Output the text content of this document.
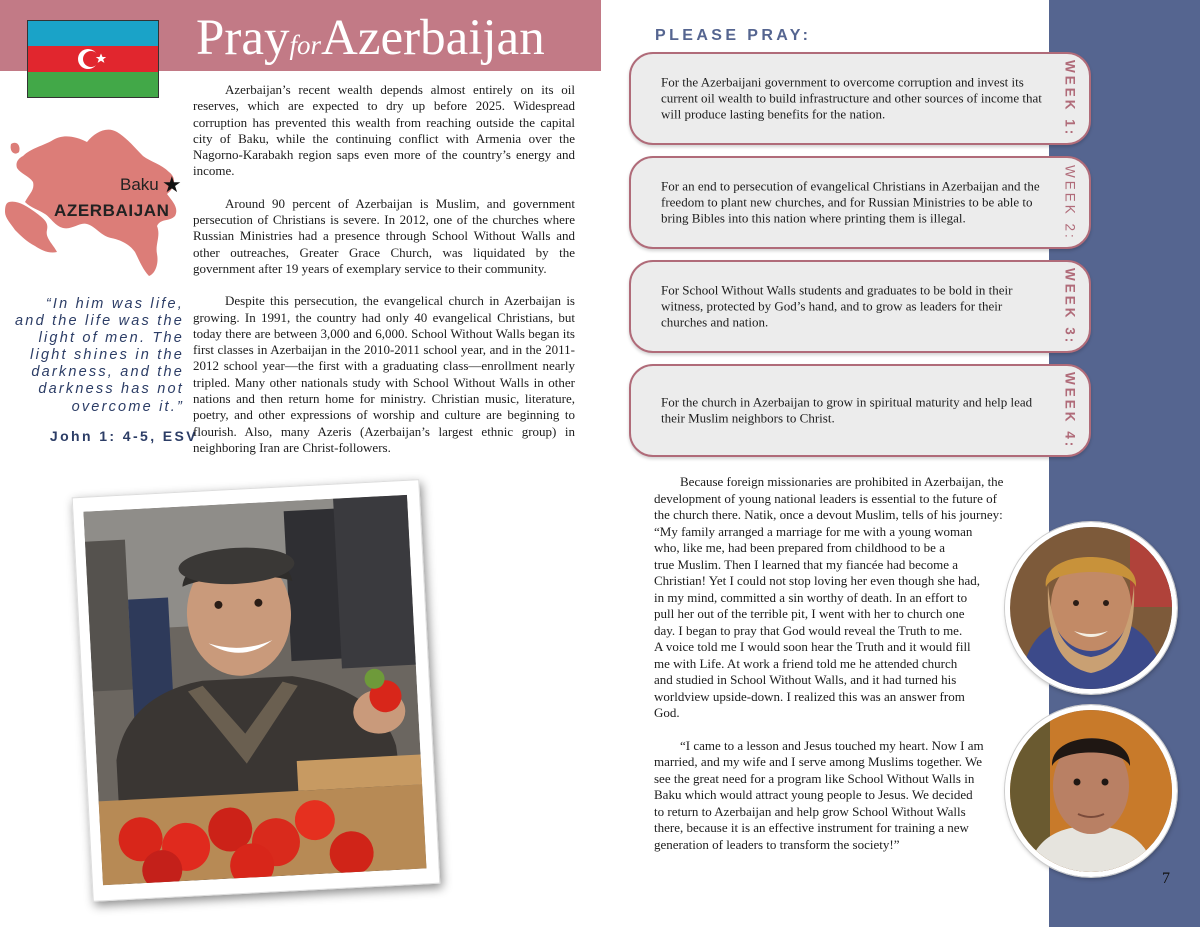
PrayforAzerbaijan
Baku ★
AZERBAIJAN
“In him was life, and the life was the light of men. The light shines in the darkness, and the darkness has not overcome it.”
John 1: 4-5, ESV

Azerbaijan’s recent wealth depends almost entirely on its oil reserves, which are expected to dry up before 2025. Widespread corruption has prevented this wealth from reaching outside the capital city of Baku, while the continuing conflict with Armenia over the Nagorno-Karabakh region saps even more of the country’s energy and income.

Around 90 percent of Azerbaijan is Muslim, and government persecution of Christians is severe. In 2012, one of the churches where Russian Ministries had a presence through School Without Walls and other outreaches, Greater Grace Church, was liquidated by the government after 19 years of exemplary service to their community.

Despite this persecution, the evangelical church in Azerbaijan is growing. In 1991, the country had only 40 evangelical Christians, but today there are between 3,000 and 6,000. School Without Walls began its first classes in Azerbaijan in the 2010-2011 school year, and in the 2011-2012 school year—the first with a graduating class—enrollment nearly tripled. Many other nationals study with School Without Walls in other nations and then return home for ministry. Christian music, literature, poetry, and other expressions of worship and culture are beginning to flourish. Also, many Azeris (Azerbaijan’s largest ethnic group) in neighboring Iran are Christ-followers.

PLEASE PRAY:
For the Azerbaijani government to overcome corruption and invest its current oil wealth to build infrastructure and other sources of income that will produce lasting benefits for the nation.	WEEK 1:
For an end to persecution of evangelical Christians in Azerbaijan and the freedom to plant new churches, and for Russian Ministries to be able to bring Bibles into this nation where printing them is illegal.	WEEK 2:
For School Without Walls students and graduates to be bold in their witness, protected by God’s hand, and to grow as leaders for their churches and nation.	WEEK 3:
For the church in Azerbaijan to grow in spiritual maturity and help lead their Muslim neighbors to Christ.	WEEK 4:
Because foreign missionaries are prohibited in Azerbaijan, the
development of young national leaders is essential to the future of
the church there. Natik, once a devout Muslim, tells of his journey:
“My family arranged a marriage for me with a young woman
who, like me, had been prepared from childhood to be a
true Muslim. Then I learned that my fiancée had become a
Christian! Yet I could not stop loving her even though she had,
in my mind, committed a sin worthy of death. In an effort to
pull her out of the terrible pit, I went with her to church one
day. I began to pray that God would reveal the Truth to me.
A voice told me I would soon hear the Truth and it would fill
me with Life. At work a friend told me he attended church
and studied in School Without Walls, and it had turned his
worldview upside-down. I realized this was an answer from
God.
“I came to a lesson and Jesus touched my heart. Now I am
married, and my wife and I serve among Muslims together. We
see the great need for a program like School Without Walls in
Baku which would attract young people to Jesus. We decided
to return to Azerbaijan and help grow School Without Walls
there, because it is an effective instrument for training a new
generation of leaders to transform the society!”
7
